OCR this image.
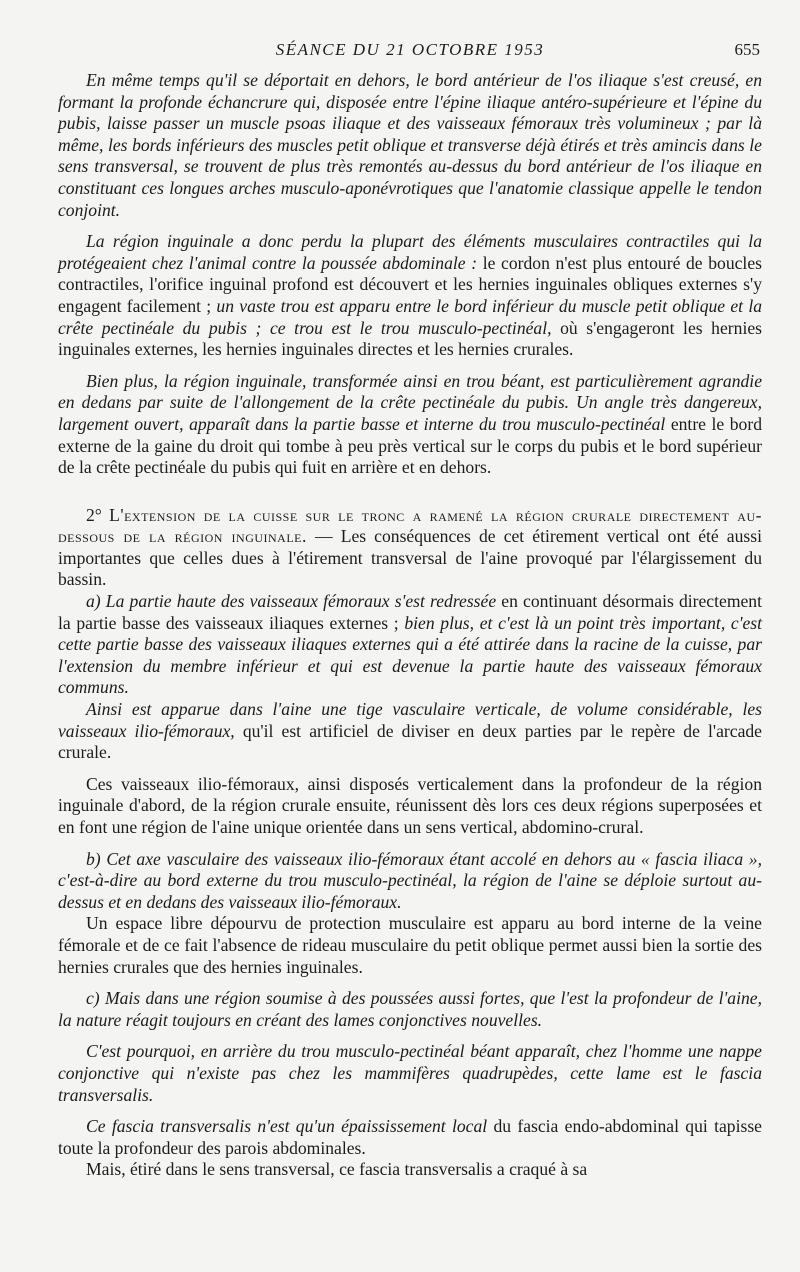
SÉANCE DU 21 OCTOBRE 1953	655

En même temps qu'il se déportait en dehors, le bord antérieur de l'os iliaque s'est creusé, en formant la profonde échancrure qui, disposée entre l'épine iliaque antéro-supérieure et l'épine du pubis, laisse passer un muscle psoas iliaque et des vaisseaux fémoraux très volumineux ; par là même, les bords inférieurs des muscles petit oblique et transverse déjà étirés et très amincis dans le sens transversal, se trouvent de plus très remontés au-dessus du bord antérieur de l'os iliaque en constituant ces longues arches musculo-aponévrotiques que l'anatomie classique appelle le tendon conjoint.

La région inguinale a donc perdu la plupart des éléments musculaires contractiles qui la protégeaient chez l'animal contre la poussée abdominale : le cordon n'est plus entouré de boucles contractiles, l'orifice inguinal profond est découvert et les hernies inguinales obliques externes s'y engagent facilement ; un vaste trou est apparu entre le bord inférieur du muscle petit oblique et la crête pectinéale du pubis ; ce trou est le trou musculo-pectinéal, où s'engageront les hernies inguinales externes, les hernies inguinales directes et les hernies crurales.

Bien plus, la région inguinale, transformée ainsi en trou béant, est particulièrement agrandie en dedans par suite de l'allongement de la crête pectinéale du pubis. Un angle très dangereux, largement ouvert, apparaît dans la partie basse et interne du trou musculo-pectinéal entre le bord externe de la gaine du droit qui tombe à peu près vertical sur le corps du pubis et le bord supérieur de la crête pectinéale du pubis qui fuit en arrière et en dehors.

2° L'extension de la cuisse sur le tronc a ramené la région crurale directement au-dessous de la région inguinale. — Les conséquences de cet étirement vertical ont été aussi importantes que celles dues à l'étirement transversal de l'aine provoqué par l'élargissement du bassin.

a) La partie haute des vaisseaux fémoraux s'est redressée en continuant désormais directement la partie basse des vaisseaux iliaques externes ; bien plus, et c'est là un point très important, c'est cette partie basse des vaisseaux iliaques externes qui a été attirée dans la racine de la cuisse, par l'extension du membre inférieur et qui est devenue la partie haute des vaisseaux fémoraux communs.

Ainsi est apparue dans l'aine une tige vasculaire verticale, de volume considérable, les vaisseaux ilio-fémoraux, qu'il est artificiel de diviser en deux parties par le repère de l'arcade crurale.

Ces vaisseaux ilio-fémoraux, ainsi disposés verticalement dans la profondeur de la région inguinale d'abord, de la région crurale ensuite, réunissent dès lors ces deux régions superposées et en font une région de l'aine unique orientée dans un sens vertical, abdomino-crural.

b) Cet axe vasculaire des vaisseaux ilio-fémoraux étant accolé en dehors au « fascia iliaca », c'est-à-dire au bord externe du trou musculo-pectinéal, la région de l'aine se déploie surtout au-dessus et en dedans des vaisseaux ilio-fémoraux.

Un espace libre dépourvu de protection musculaire est apparu au bord interne de la veine fémorale et de ce fait l'absence de rideau musculaire du petit oblique permet aussi bien la sortie des hernies crurales que des hernies inguinales.

c) Mais dans une région soumise à des poussées aussi fortes, que l'est la profondeur de l'aine, la nature réagit toujours en créant des lames conjonctives nouvelles.

C'est pourquoi, en arrière du trou musculo-pectinéal béant apparaît, chez l'homme une nappe conjonctive qui n'existe pas chez les mammifères quadrupèdes, cette lame est le fascia transversalis.

Ce fascia transversalis n'est qu'un épaississement local du fascia endo-abdominal qui tapisse toute la profondeur des parois abdominales.

Mais, étiré dans le sens transversal, ce fascia transversalis a craqué à sa
